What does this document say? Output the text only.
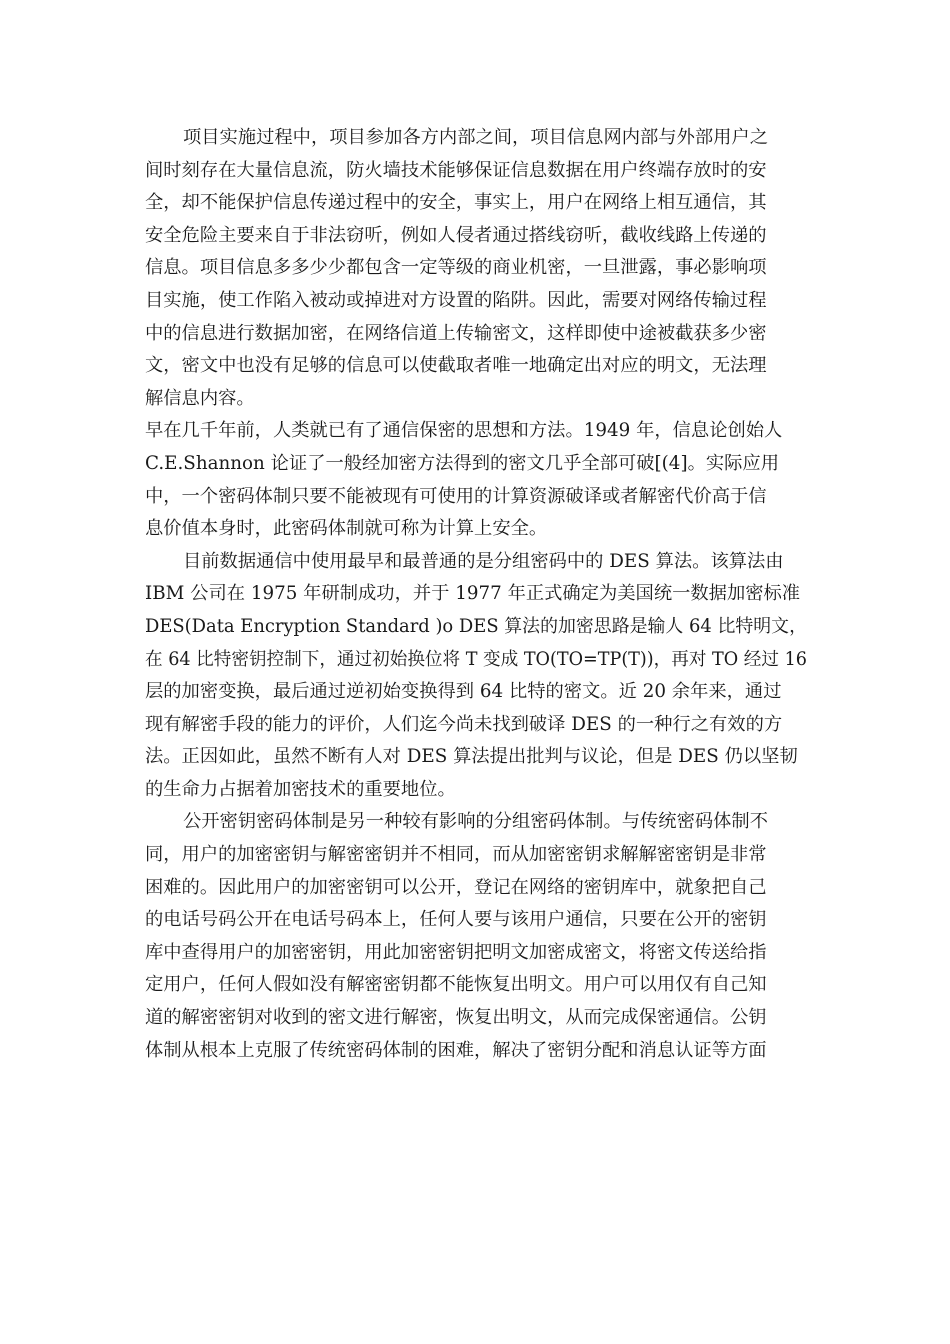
项目实施过程中，项目参加各方内部之间，项目信息网内部与外部用户之
间时刻存在大量信息流，防火墙技术能够保证信息数据在用户终端存放时的安
全，却不能保护信息传递过程中的安全，事实上，用户在网络上相互通信，其
安全危险主要来自于非法窃听，例如人侵者通过搭线窃听，截收线路上传递的
信息。项目信息多多少少都包含一定等级的商业机密，一旦泄露，事必影响项
目实施，使工作陷入被动或掉进对方设置的陷阱。因此，需要对网络传输过程
中的信息进行数据加密，在网络信道上传输密文，这样即使中途被截获多少密
文，密文中也没有足够的信息可以使截取者唯一地确定出对应的明文，无法理
解信息内容。
早在几千年前，人类就已有了通信保密的思想和方法。1949 年，信息论创始人
C.E.Shannon 论证了一般经加密方法得到的密文几乎全部可破[(4]。实际应用
中，一个密码体制只要不能被现有可使用的计算资源破译或者解密代价高于信
息价值本身时，此密码体制就可称为计算上安全。
目前数据通信中使用最早和最普通的是分组密码中的 DES 算法。该算法由
IBM 公司在 1975 年研制成功，并于 1977 年正式确定为美国统一数据加密标准
DES(Data Encryption Standard )o DES 算法的加密思路是输人 64 比特明文，
在 64 比特密钥控制下，通过初始换位将 T 变成 TO(TO=TP(T))，再对 TO 经过 16
层的加密变换，最后通过逆初始变换得到 64 比特的密文。近 20 余年来，通过
现有解密手段的能力的评价，人们迄今尚未找到破译 DES 的一种行之有效的方
法。正因如此，虽然不断有人对 DES 算法提出批判与议论，但是 DES 仍以坚韧
的生命力占据着加密技术的重要地位。
公开密钥密码体制是另一种较有影响的分组密码体制。与传统密码体制不
同，用户的加密密钥与解密密钥并不相同，而从加密密钥求解解密密钥是非常
困难的。因此用户的加密密钥可以公开，登记在网络的密钥库中，就象把自己
的电话号码公开在电话号码本上，任何人要与该用户通信，只要在公开的密钥
库中查得用户的加密密钥，用此加密密钥把明文加密成密文，将密文传送给指
定用户，任何人假如没有解密密钥都不能恢复出明文。用户可以用仅有自己知
道的解密密钥对收到的密文进行解密，恢复出明文，从而完成保密通信。公钥
体制从根本上克服了传统密码体制的困难，解决了密钥分配和消息认证等方面
